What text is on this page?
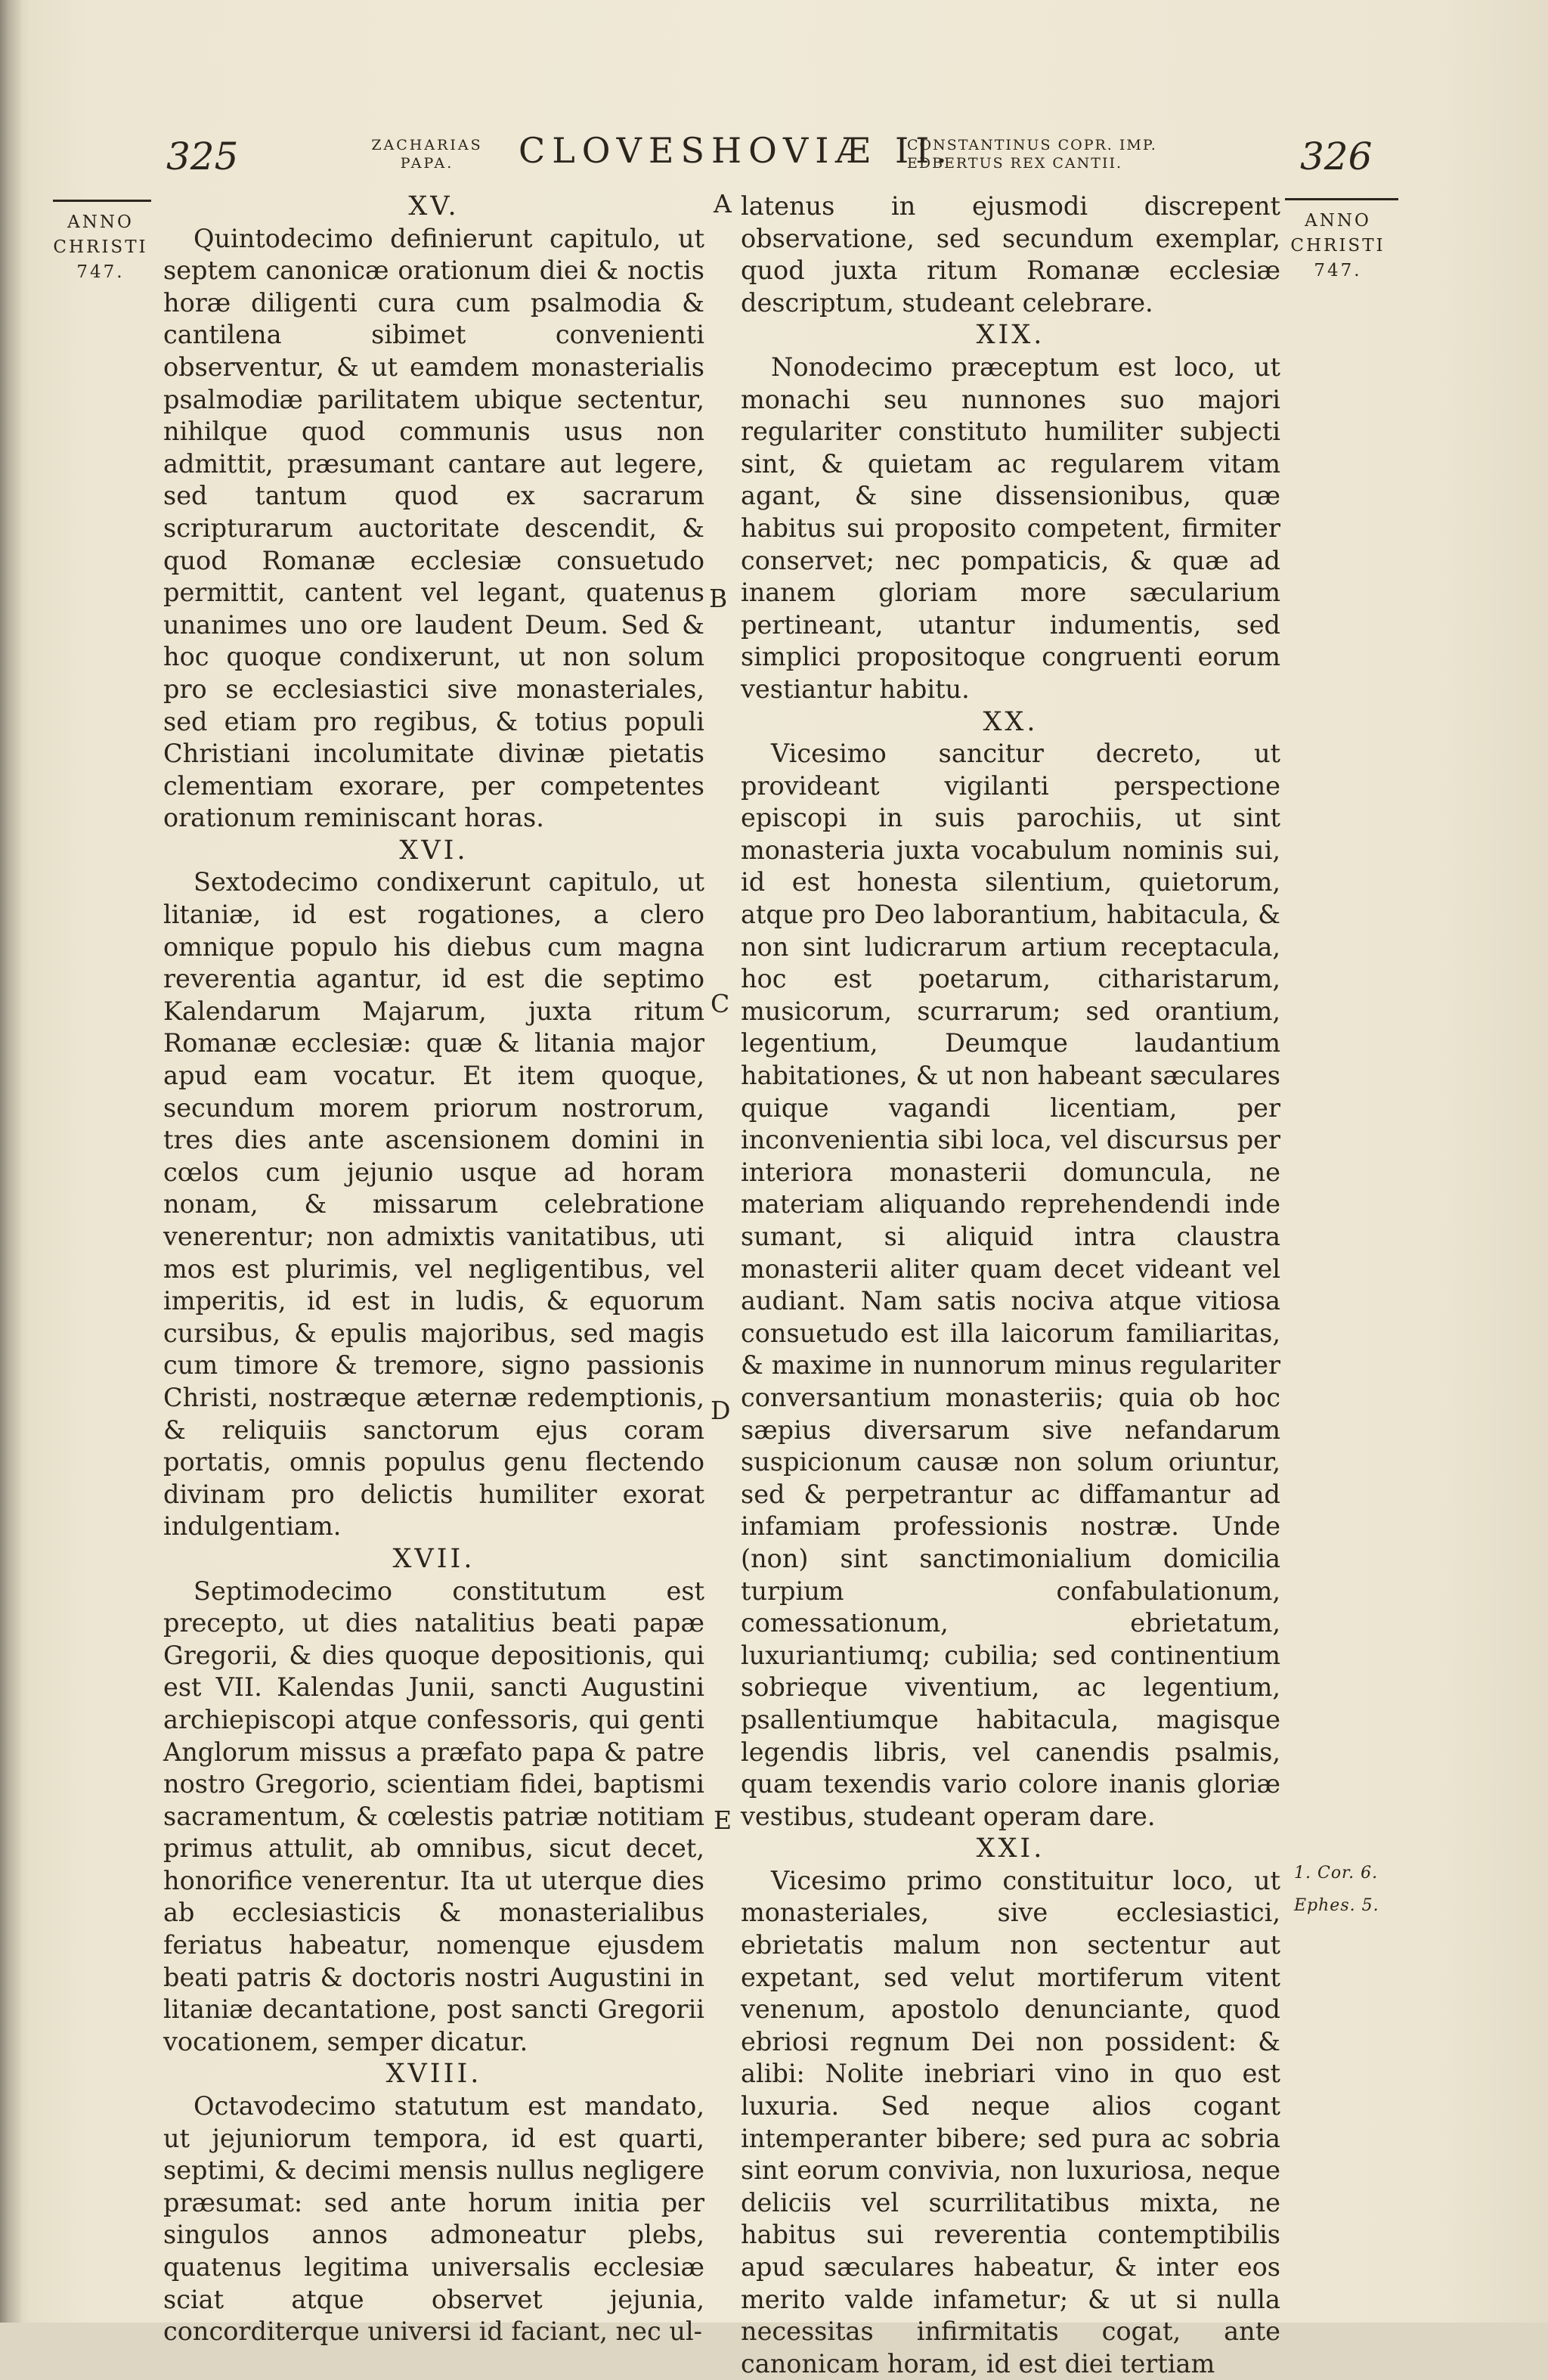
325	ZACHARIAS
PAPA.	CLOVESHOVIÆ II.
CONSTANTINUS COPR. IMP.
EDBERTUS REX CANTII.	326
ANNO
CHRISTI
747.
ANNO
CHRISTI
747.
A
B
C
D
E
1. Cor. 6.
Ephes. 5.
XV.

Quintodecimo definierunt capitulo, ut septem canonicæ orationum diei & noctis horæ diligenti cura cum psalmodia & cantilena sibimet convenienti observentur, & ut eamdem monasterialis psalmodiæ parilitatem ubique sectentur, nihilque quod communis usus non admittit, præsumant cantare aut legere, sed tantum quod ex sacrarum scripturarum auctoritate descendit, & quod Romanæ ecclesiæ consuetudo permittit, cantent vel legant, quatenus unanimes uno ore laudent Deum. Sed & hoc quoque condixerunt, ut non solum pro se ecclesiastici sive monasteriales, sed etiam pro regibus, & totius populi Christiani incolumitate divinæ pietatis clementiam exorare, per competentes orationum reminiscant horas.

XVI.

Sextodecimo condixerunt capitulo, ut litaniæ, id est rogationes, a clero omnique populo his diebus cum magna reverentia agantur, id est die septimo Kalendarum Majarum, juxta ritum Romanæ ecclesiæ: quæ & litania major apud eam vocatur. Et item quoque, secundum morem priorum nostrorum, tres dies ante ascensionem domini in cœlos cum jejunio usque ad horam nonam, & missarum celebratione venerentur; non admixtis vanitatibus, uti mos est plurimis, vel negligentibus, vel imperitis, id est in ludis, & equorum cursibus, & epulis majoribus, sed magis cum timore & tremore, signo passionis Christi, nostræque æternæ redemptionis, & reliquiis sanctorum ejus coram portatis, omnis populus genu flectendo divinam pro delictis humiliter exorat indulgentiam.

XVII.

Septimodecimo constitutum est precepto, ut dies natalitius beati papæ Gregorii, & dies quoque depositionis, qui est VII. Kalendas Junii, sancti Augustini archiepiscopi atque confessoris, qui genti Anglorum missus a præfato papa & patre nostro Gregorio, scientiam fidei, baptismi sacramentum, & cœlestis patriæ notitiam primus attulit, ab omnibus, sicut decet, honorifice venerentur. Ita ut uterque dies ab ecclesiasticis & monasterialibus feriatus habeatur, nomenque ejusdem beati patris & doctoris nostri Augustini in litaniæ decantatione, post sancti Gregorii vocationem, semper dicatur.

XVIII.

Octavodecimo statutum est mandato, ut jejuniorum tempora, id est quarti, septimi, & decimi mensis nullus negligere præsumat: sed ante horum initia per singulos annos admoneatur plebs, quatenus legitima universalis ecclesiæ sciat atque observet jejunia, concorditerque universi id faciant, nec ul-

latenus in ejusmodi discrepent observatione, sed secundum exemplar, quod juxta ritum Romanæ ecclesiæ descriptum, studeant celebrare.

XIX.

Nonodecimo præceptum est loco, ut monachi seu nunnones suo majori regulariter constituto humiliter subjecti sint, & quietam ac regularem vitam agant, & sine dissensionibus, quæ habitus sui proposito competent, firmiter conservet; nec pompaticis, & quæ ad inanem gloriam more sæcularium pertineant, utantur indumentis, sed simplici propositoque congruenti eorum vestiantur habitu.

XX.

Vicesimo sancitur decreto, ut provideant vigilanti perspectione episcopi in suis parochiis, ut sint monasteria juxta vocabulum nominis sui, id est honesta silentium, quietorum, atque pro Deo laborantium, habitacula, & non sint ludicrarum artium receptacula, hoc est poetarum, citharistarum, musicorum, scurrarum; sed orantium, legentium, Deumque laudantium habitationes, & ut non habeant sæculares quique vagandi licentiam, per inconvenientia sibi loca, vel discursus per interiora monasterii domuncula, ne materiam aliquando reprehendendi inde sumant, si aliquid intra claustra monasterii aliter quam decet videant vel audiant. Nam satis nociva atque vitiosa consuetudo est illa laicorum familiaritas, & maxime in nunnorum minus regulariter conversantium monasteriis; quia ob hoc sæpius diversarum sive nefandarum suspicionum causæ non solum oriuntur, sed & perpetrantur ac diffamantur ad infamiam professionis nostræ. Unde (non) sint sanctimonialium domicilia turpium confabulationum, comessationum, ebrietatum, luxuriantiumq; cubilia; sed continentium sobrieque viventium, ac legentium, psallentiumque habitacula, magisque legendis libris, vel canendis psalmis, quam texendis vario colore inanis gloriæ vestibus, studeant operam dare.

XXI.

Vicesimo primo constituitur loco, ut monasteriales, sive ecclesiastici, ebrietatis malum non sectentur aut expetant, sed velut mortiferum vitent venenum, apostolo denunciante, quod ebriosi regnum Dei non possident: & alibi: Nolite inebriari vino in quo est luxuria. Sed neque alios cogant intemperanter bibere; sed pura ac sobria sint eorum convivia, non luxuriosa, neque deliciis vel scurrilitatibus mixta, ne habitus sui reverentia contemptibilis apud sæculares habeatur, & inter eos merito valde infametur; & ut si nulla necessitas infirmitatis cogat, ante canonicam horam, id est diei tertiam
